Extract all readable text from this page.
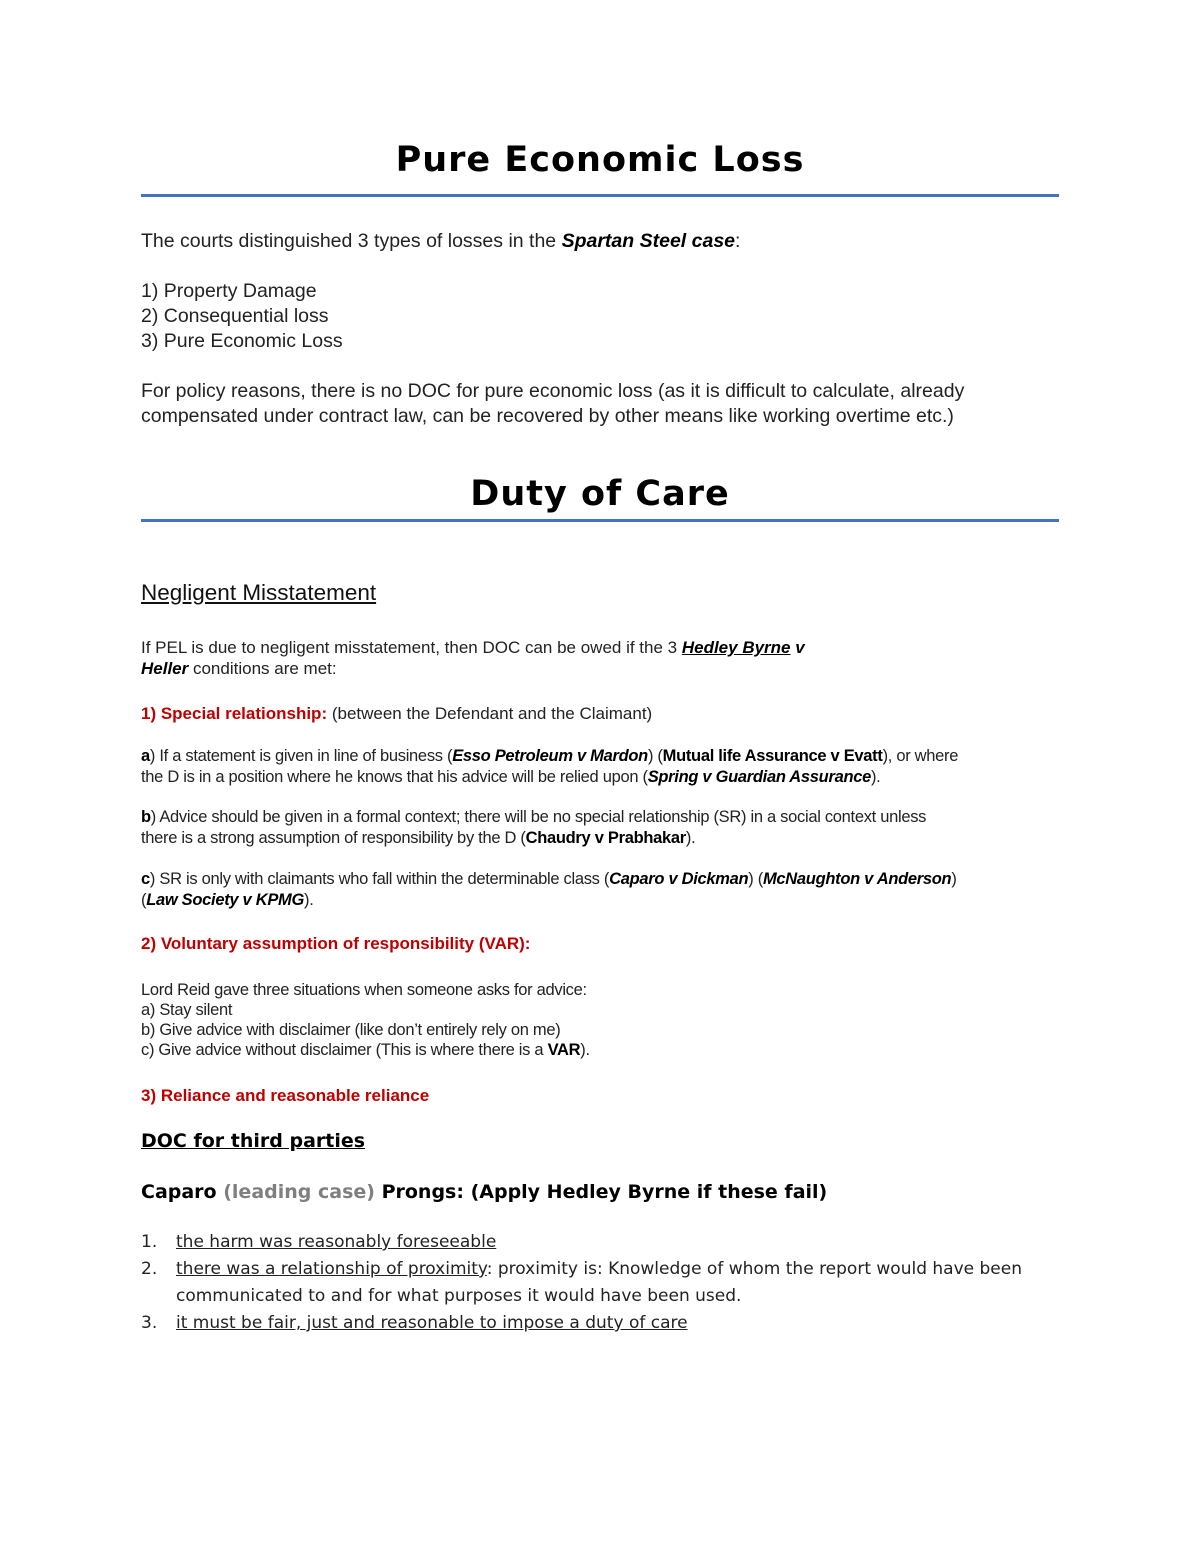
Pure Economic Loss
The courts distinguished 3 types of losses in the Spartan Steel case:
1) Property Damage
2) Consequential loss
3) Pure Economic Loss
For policy reasons, there is no DOC for pure economic loss (as it is difficult to calculate, already
compensated under contract law, can be recovered by other means like working overtime etc.)
Duty of Care
Negligent Misstatement
If PEL is due to negligent misstatement, then DOC can be owed if the 3 Hedley Byrne v
Heller conditions are met:
1) Special relationship: (between the Defendant and the Claimant)
a) If a statement is given in line of business (Esso Petroleum v Mardon) (Mutual life Assurance v Evatt), or where
the D is in a position where he knows that his advice will be relied upon (Spring v Guardian Assurance).
b) Advice should be given in a formal context; there will be no special relationship (SR) in a social context unless
there is a strong assumption of responsibility by the D (Chaudry v Prabhakar).
c) SR is only with claimants who fall within the determinable class (Caparo v Dickman) (McNaughton v Anderson)
(Law Society v KPMG).
2) Voluntary assumption of responsibility (VAR):
Lord Reid gave three situations when someone asks for advice:
a) Stay silent
b) Give advice with disclaimer (like don’t entirely rely on me)
c) Give advice without disclaimer (This is where there is a VAR).
3) Reliance and reasonable reliance
DOC for third parties
Caparo (leading case) Prongs: (Apply Hedley Byrne if these fail)
1. the harm was reasonably foreseeable
2. there was a relationship of proximity: proximity is: Knowledge of whom the report would have been communicated to and for what purposes it would have been used.
3. it must be fair, just and reasonable to impose a duty of care
